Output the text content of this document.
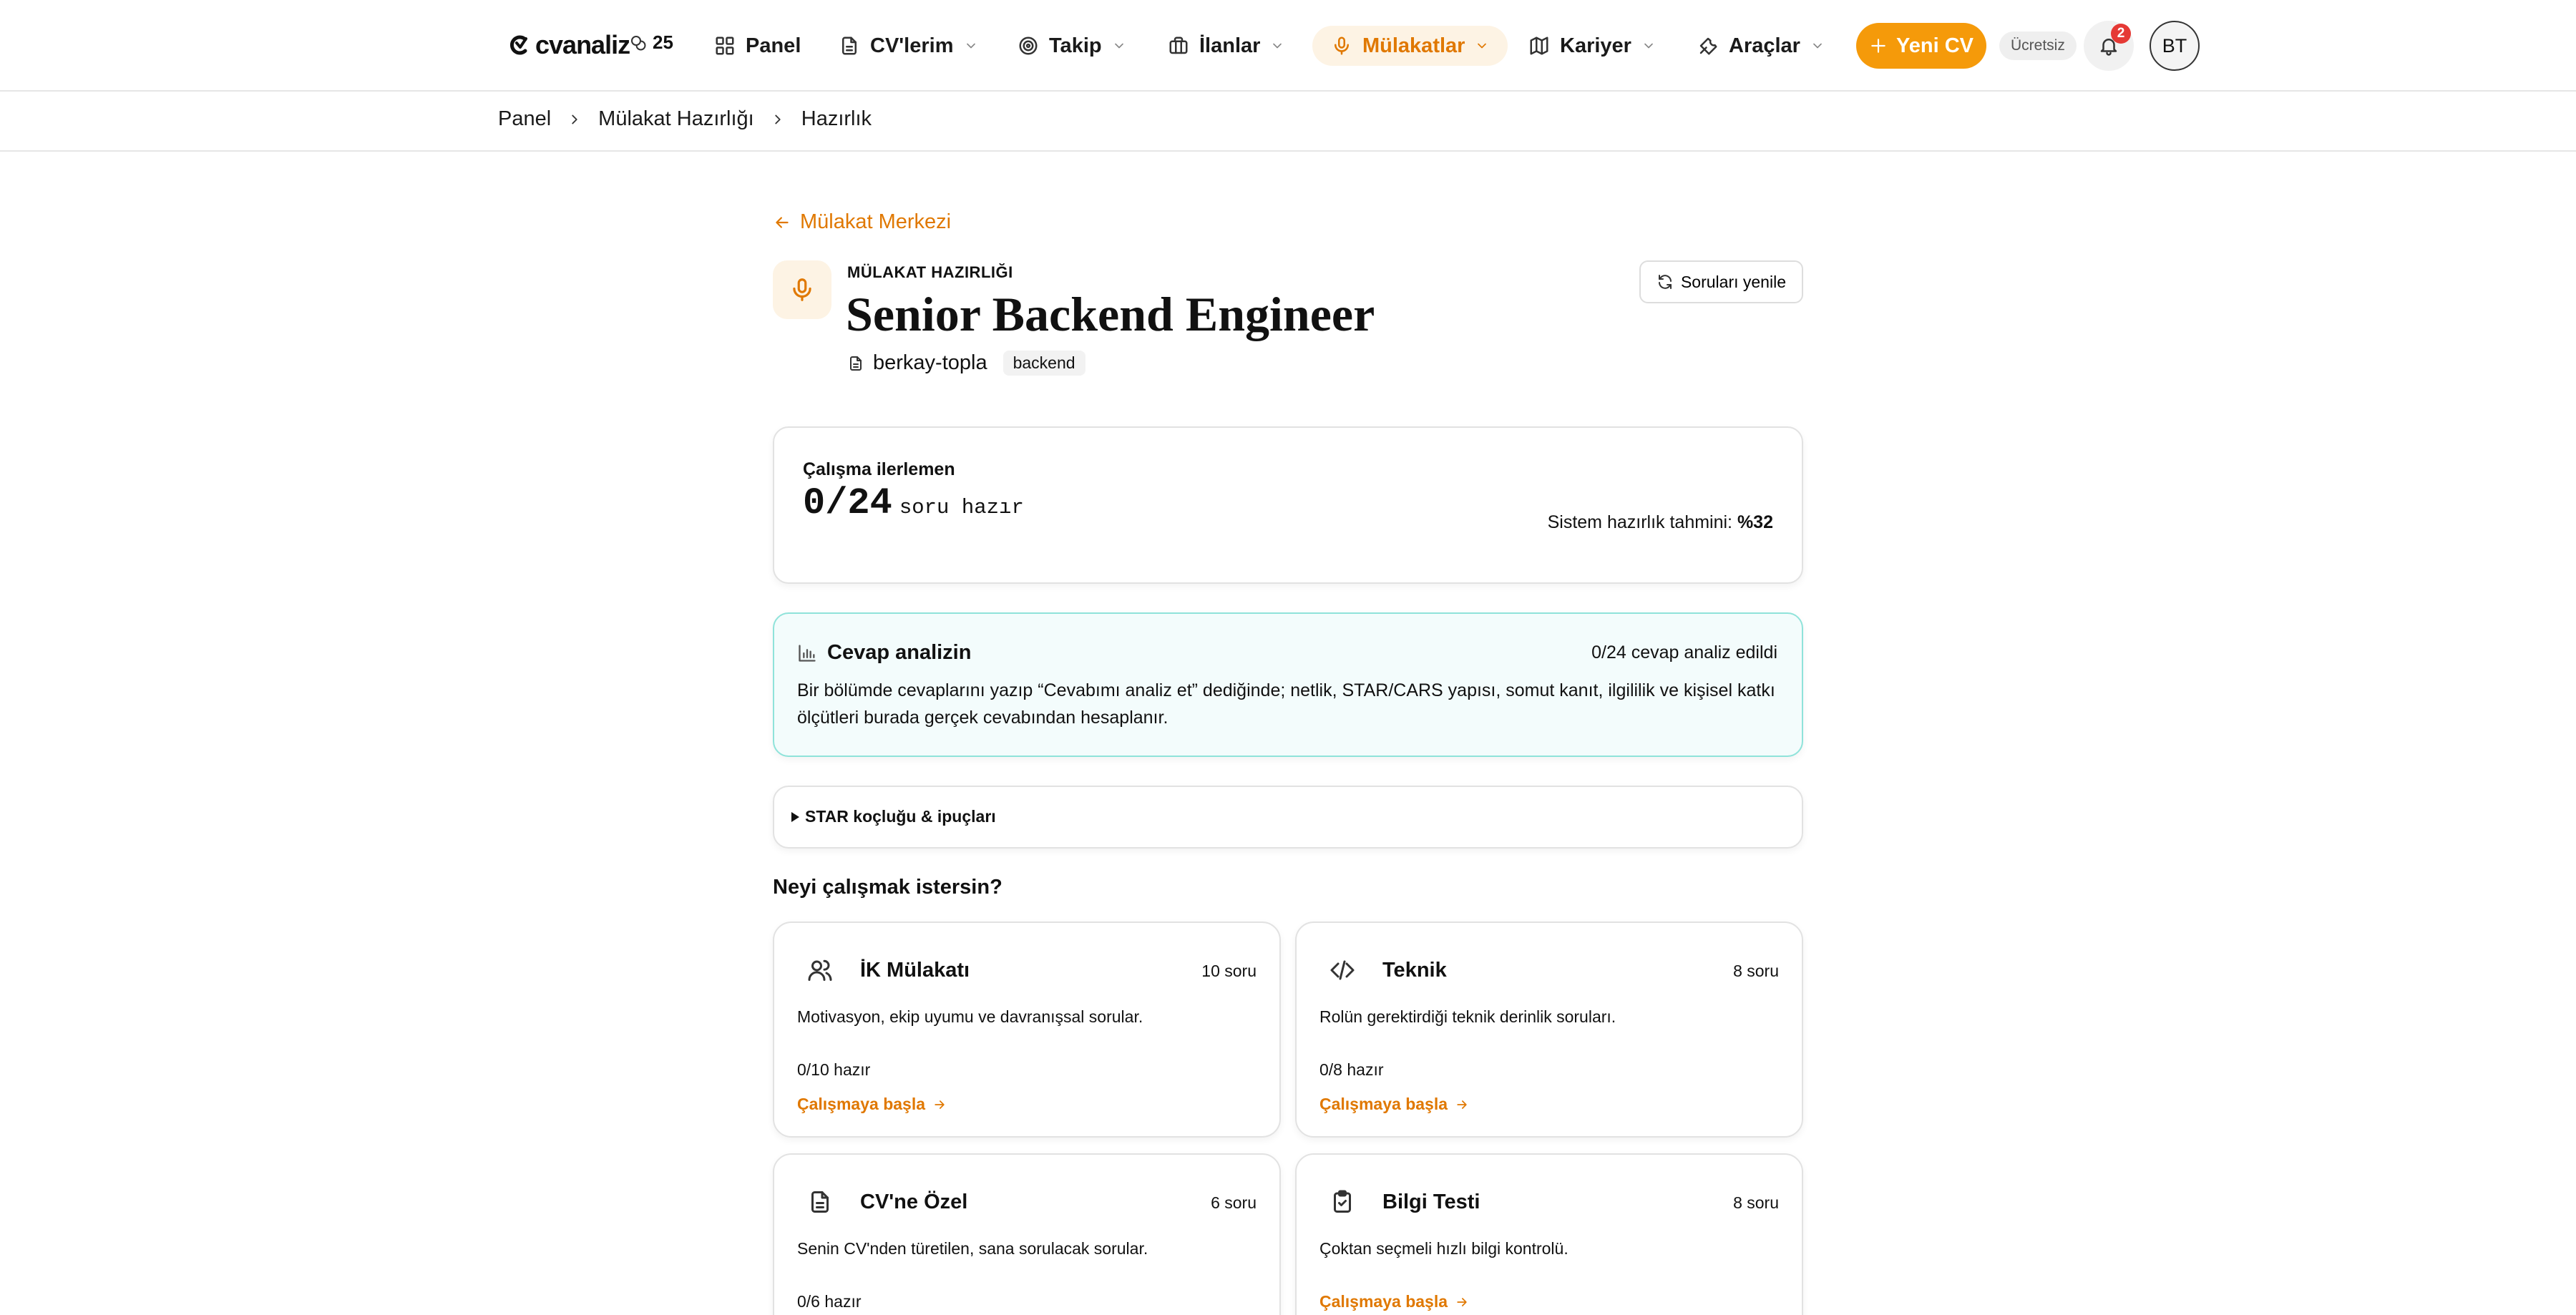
cvanaliz 25	Panel	CV'lerim	Takip	İlanlar	Mülakatlar	Kariyer	Araçlar	Yeni CV	Ücretsiz
2
BT
Panel Mülakat Hazırlığı Hazırlık
Mülakat Merkezi
MÜLAKAT HAZIRLIĞI
Senior Backend Engineer
berkay-topla	backend
Soruları yenile
Çalışma ilerlemen
0/24 soru hazır
Sistem hazırlık tahmini: %32
Cevap analizin	0/24 cevap analiz edildi
Bir bölümde cevaplarını yazıp “Cevabımı analiz et” dediğinde; netlik, STAR/CARS yapısı, somut kanıt, ilgililik ve kişisel katkı ölçütleri burada gerçek cevabından hesaplanır.
STAR koçluğu & ipuçları
Neyi çalışmak istersin?
İK Mülakatı	10 soru
Motivasyon, ekip uyumu ve davranışsal sorular.
0/10 hazır
Çalışmaya başla
Teknik	8 soru
Rolün gerektirdiği teknik derinlik soruları.
0/8 hazır
Çalışmaya başla
CV'ne Özel	6 soru
Senin CV'nden türetilen, sana sorulacak sorular.
0/6 hazır
Bilgi Testi	8 soru
Çoktan seçmeli hızlı bilgi kontrolü.
Çalışmaya başla
